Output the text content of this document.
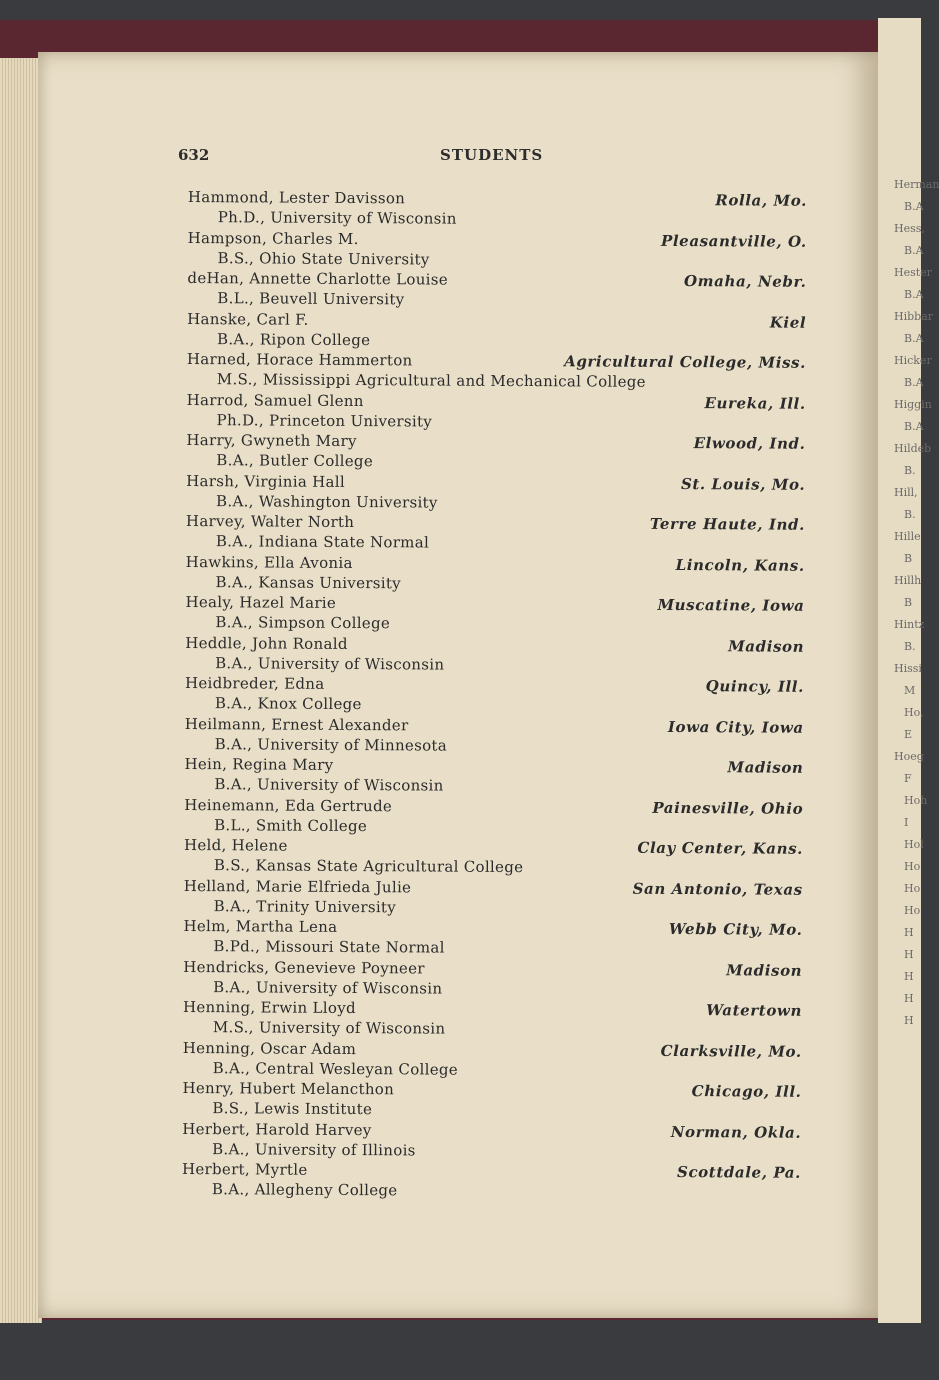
Herman
B.A
Hess,
B.A
Hester
B.A
Hibbar
B.A
Hicker
B.A
Higgin
B.A
Hildeb
B.
Hill,
B.
Hille
B
Hillh
B
Hintz
B.
Hissi
M
Ho,
E
Hoeg
F
Hoh
I
Hol
Ho
Ho
Ho
H
H
H
H
H
632	STUDENTS
Hammond, Lester Davisson
Ph.D., University of Wisconsin
Rolla, Mo.
Hampson, Charles M.
B.S., Ohio State University
Pleasantville, O.
deHan, Annette Charlotte Louise
B.L., Beuvell University
Omaha, Nebr.
Hanske, Carl F.
B.A., Ripon College
Kiel
Harned, Horace Hammerton
M.S., Mississippi Agricultural and Mechanical College
Agricultural College, Miss.
Harrod, Samuel Glenn
Ph.D., Princeton University
Eureka, Ill.
Harry, Gwyneth Mary
B.A., Butler College
Elwood, Ind.
Harsh, Virginia Hall
B.A., Washington University
St. Louis, Mo.
Harvey, Walter North
B.A., Indiana State Normal
Terre Haute, Ind.
Hawkins, Ella Avonia
B.A., Kansas University
Lincoln, Kans.
Healy, Hazel Marie
B.A., Simpson College
Muscatine, Iowa
Heddle, John Ronald
B.A., University of Wisconsin
Madison
Heidbreder, Edna
B.A., Knox College
Quincy, Ill.
Heilmann, Ernest Alexander
B.A., University of Minnesota
Iowa City, Iowa
Hein, Regina Mary
B.A., University of Wisconsin
Madison
Heinemann, Eda Gertrude
B.L., Smith College
Painesville, Ohio
Held, Helene
B.S., Kansas State Agricultural College
Clay Center, Kans.
Helland, Marie Elfrieda Julie
B.A., Trinity University
San Antonio, Texas
Helm, Martha Lena
B.Pd., Missouri State Normal
Webb City, Mo.
Hendricks, Genevieve Poyneer
B.A., University of Wisconsin
Madison
Henning, Erwin Lloyd
M.S., University of Wisconsin
Watertown
Henning, Oscar Adam
B.A., Central Wesleyan College
Clarksville, Mo.
Henry, Hubert Melancthon
B.S., Lewis Institute
Chicago, Ill.
Herbert, Harold Harvey
B.A., University of Illinois
Norman, Okla.
Herbert, Myrtle
B.A., Allegheny College
Scottdale, Pa.
